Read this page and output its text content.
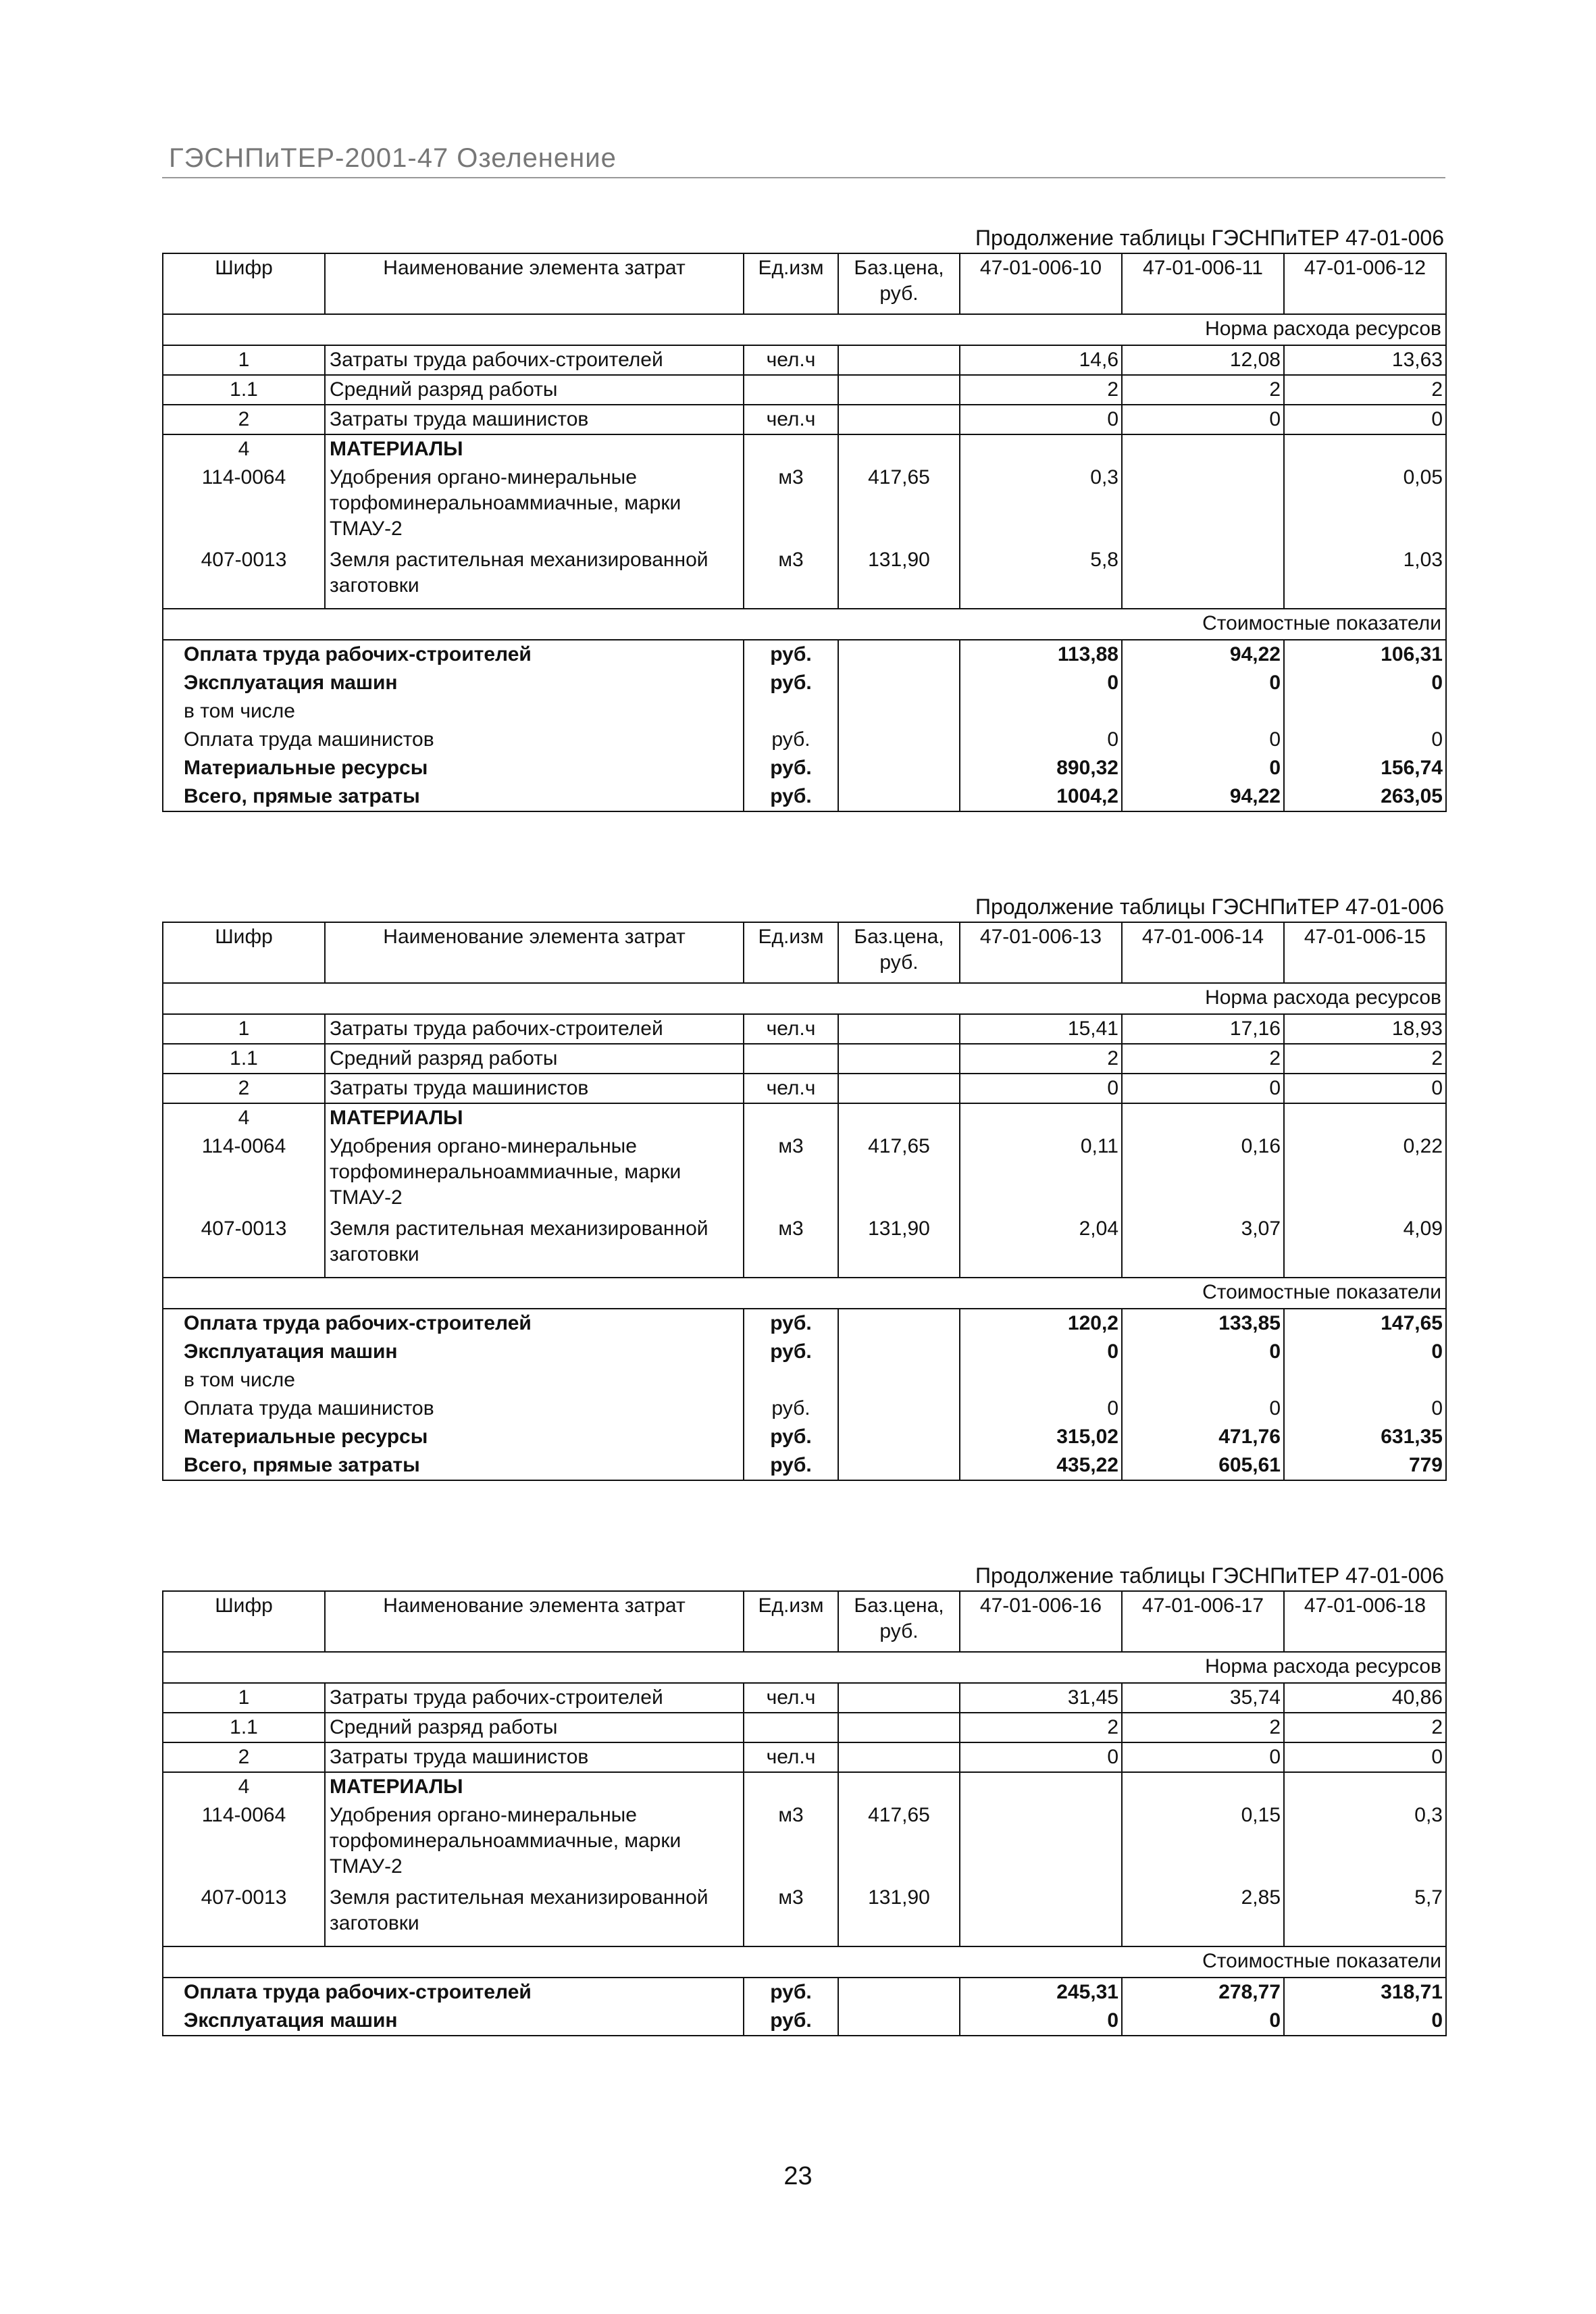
ГЭСНПиТЕР-2001-47 Озеленение
Продолжение таблицы ГЭСНПиТЕР 47-01-006
Шифр	Наименование элемента затрат	Ед.изм	Баз.цена, руб.	47-01-006-10	47-01-006-11	47-01-006-12
Норма расхода ресурсов						
1	Затраты труда рабочих-строителей	чел.ч		14,6	12,08	13,63
1.1	Средний разряд работы			2	2	2
2	Затраты труда машинистов	чел.ч		0	0	0
4	МАТЕРИАЛЫ					
114-0064	Удобрения органо-минеральные торфоминеральноаммиачные, марки ТМАУ-2	м3	417,65	0,3		0,05
407-0013	Земля растительная механизированной заготовки	м3	131,90	5,8		1,03
Стоимостные показатели						
Оплата труда рабочих-строителей		руб.		113,88	94,22	106,31
Эксплуатация машин		руб.		0	0	0
в том числе						
Оплата труда машинистов		руб.		0	0	0
Материальные ресурсы		руб.		890,32	0	156,74
Всего, прямые затраты		руб.		1004,2	94,22	263,05
Продолжение таблицы ГЭСНПиТЕР 47-01-006
Шифр	Наименование элемента затрат	Ед.изм	Баз.цена, руб.	47-01-006-13	47-01-006-14	47-01-006-15
Норма расхода ресурсов						
1	Затраты труда рабочих-строителей	чел.ч		15,41	17,16	18,93
1.1	Средний разряд работы			2	2	2
2	Затраты труда машинистов	чел.ч		0	0	0
4	МАТЕРИАЛЫ					
114-0064	Удобрения органо-минеральные торфоминеральноаммиачные, марки ТМАУ-2	м3	417,65	0,11	0,16	0,22
407-0013	Земля растительная механизированной заготовки	м3	131,90	2,04	3,07	4,09
Стоимостные показатели						
Оплата труда рабочих-строителей		руб.		120,2	133,85	147,65
Эксплуатация машин		руб.		0	0	0
в том числе						
Оплата труда машинистов		руб.		0	0	0
Материальные ресурсы		руб.		315,02	471,76	631,35
Всего, прямые затраты		руб.		435,22	605,61	779
Продолжение таблицы ГЭСНПиТЕР 47-01-006
Шифр	Наименование элемента затрат	Ед.изм	Баз.цена, руб.	47-01-006-16	47-01-006-17	47-01-006-18
Норма расхода ресурсов						
1	Затраты труда рабочих-строителей	чел.ч		31,45	35,74	40,86
1.1	Средний разряд работы			2	2	2
2	Затраты труда машинистов	чел.ч		0	0	0
4	МАТЕРИАЛЫ					
114-0064	Удобрения органо-минеральные торфоминеральноаммиачные, марки ТМАУ-2	м3	417,65		0,15	0,3
407-0013	Земля растительная механизированной заготовки	м3	131,90		2,85	5,7
Стоимостные показатели						
Оплата труда рабочих-строителей		руб.		245,31	278,77	318,71
Эксплуатация машин		руб.		0	0	0
23
